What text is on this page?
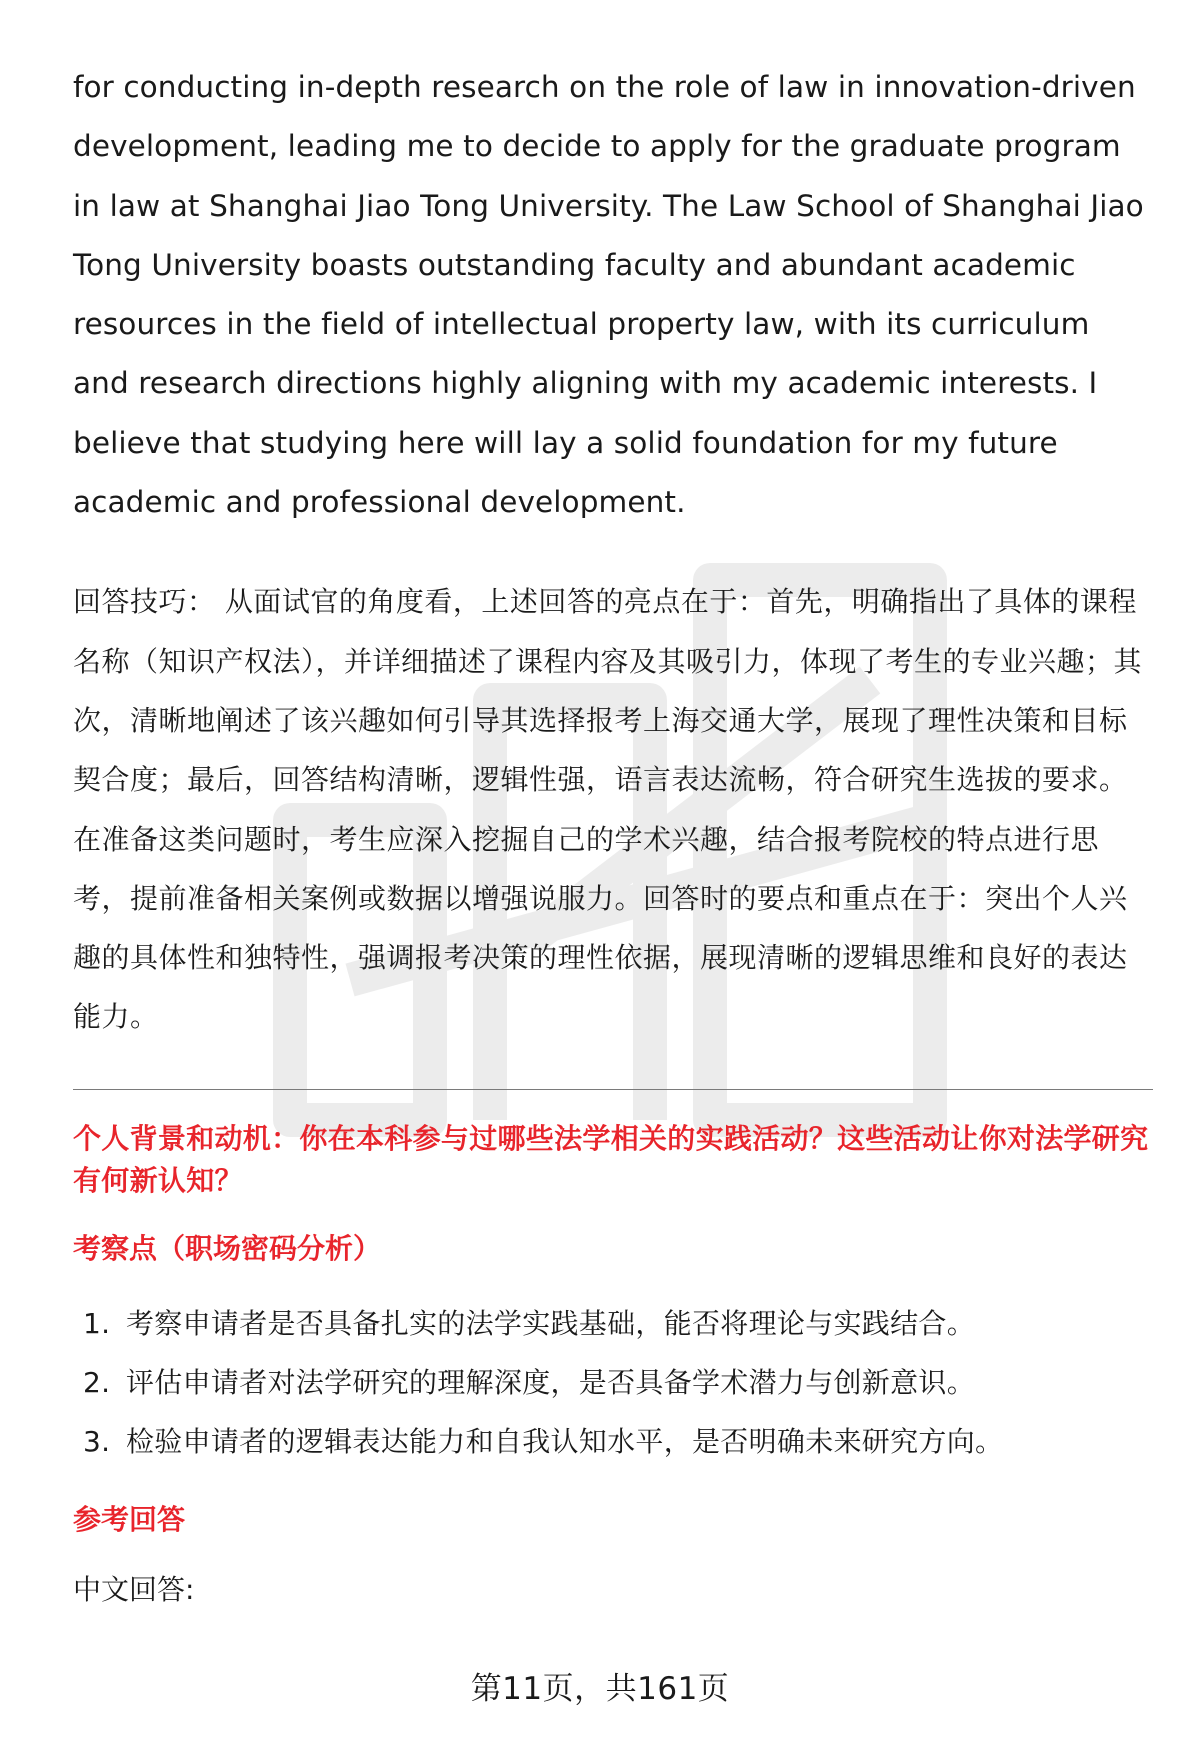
for conducting in-depth research on the role of law in innovation-driven development, leading me to decide to apply for the graduate program in law at Shanghai Jiao Tong University. The Law School of Shanghai Jiao Tong University boasts outstanding faculty and abundant academic resources in the field of intellectual property law, with its curriculum and research directions highly aligning with my academic interests. I believe that studying here will lay a solid foundation for my future academic and professional development.

回答技巧： 从面试官的角度看，上述回答的亮点在于：首先，明确指出了具体的课程名称（知识产权法），并详细描述了课程内容及其吸引力，体现了考生的专业兴趣；其次，清晰地阐述了该兴趣如何引导其选择报考上海交通大学，展现了理性决策和目标契合度；最后，回答结构清晰，逻辑性强，语言表达流畅，符合研究生选拔的要求。在准备这类问题时，考生应深入挖掘自己的学术兴趣，结合报考院校的特点进行思考，提前准备相关案例或数据以增强说服力。回答时的要点和重点在于：突出个人兴趣的具体性和独特性，强调报考决策的理性依据，展现清晰的逻辑思维和良好的表达能力。

个人背景和动机：你在本科参与过哪些法学相关的实践活动？这些活动让你对法学研究有何新认知？

考察点（职场密码分析）

1. 考察申请者是否具备扎实的法学实践基础，能否将理论与实践结合。
2. 评估申请者对法学研究的理解深度，是否具备学术潜力与创新意识。
3. 检验申请者的逻辑表达能力和自我认知水平，是否明确未来研究方向。

参考回答

中文回答:

第11页，共161页
